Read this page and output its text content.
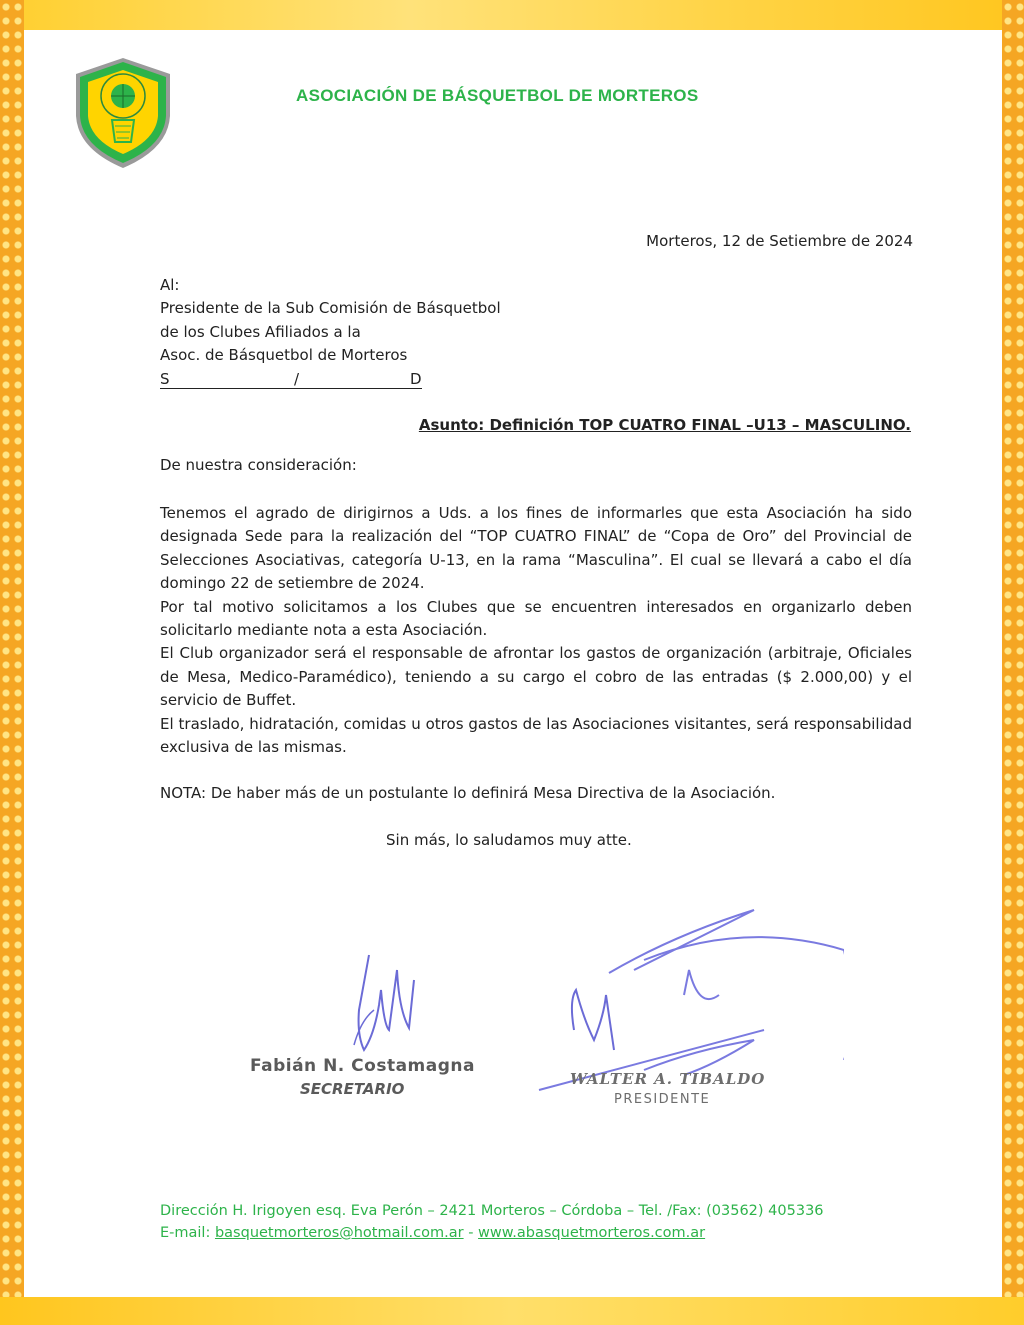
ASOCIACIÓN DE BÁSQUETBOL DE MORTEROS
Morteros, 12 de Setiembre de 2024
Al:
Presidente de la Sub Comisión de Básquetbol
de los Clubes Afiliados a la
Asoc. de Básquetbol de Morteros
S	/	D
Asunto: Definición TOP CUATRO FINAL –U13 – MASCULINO.
De nuestra consideración:

Tenemos el agrado de dirigirnos a Uds. a los fines de informarles que esta Asociación ha sido designada Sede para la realización del “TOP CUATRO FINAL” de “Copa de Oro” del Provincial de Selecciones Asociativas, categoría U-13, en la rama “Masculina”. El cual se llevará a cabo el día domingo 22 de setiembre de 2024.

Por tal motivo solicitamos a los Clubes que se encuentren interesados en organizarlo deben solicitarlo mediante nota a esta Asociación.

El Club organizador será el responsable de afrontar los gastos de organización (arbitraje, Oficiales de Mesa, Medico-Paramédico), teniendo a su cargo el cobro de las entradas ($ 2.000,00) y el servicio de Buffet.

El traslado, hidratación, comidas u otros gastos de las Asociaciones visitantes, será responsabilidad exclusiva de las mismas.

NOTA: De haber más de un postulante lo definirá Mesa Directiva de la Asociación.
Sin más, lo saludamos muy atte.
Fabián N. Costamagna
SECRETARIO
WALTER A. TIBALDO
PRESIDENTE
Dirección H. Irigoyen esq. Eva Perón – 2421 Morteros – Córdoba – Tel. /Fax: (03562) 405336
E-mail: basquetmorteros@hotmail.com.ar - www.abasquetmorteros.com.ar
